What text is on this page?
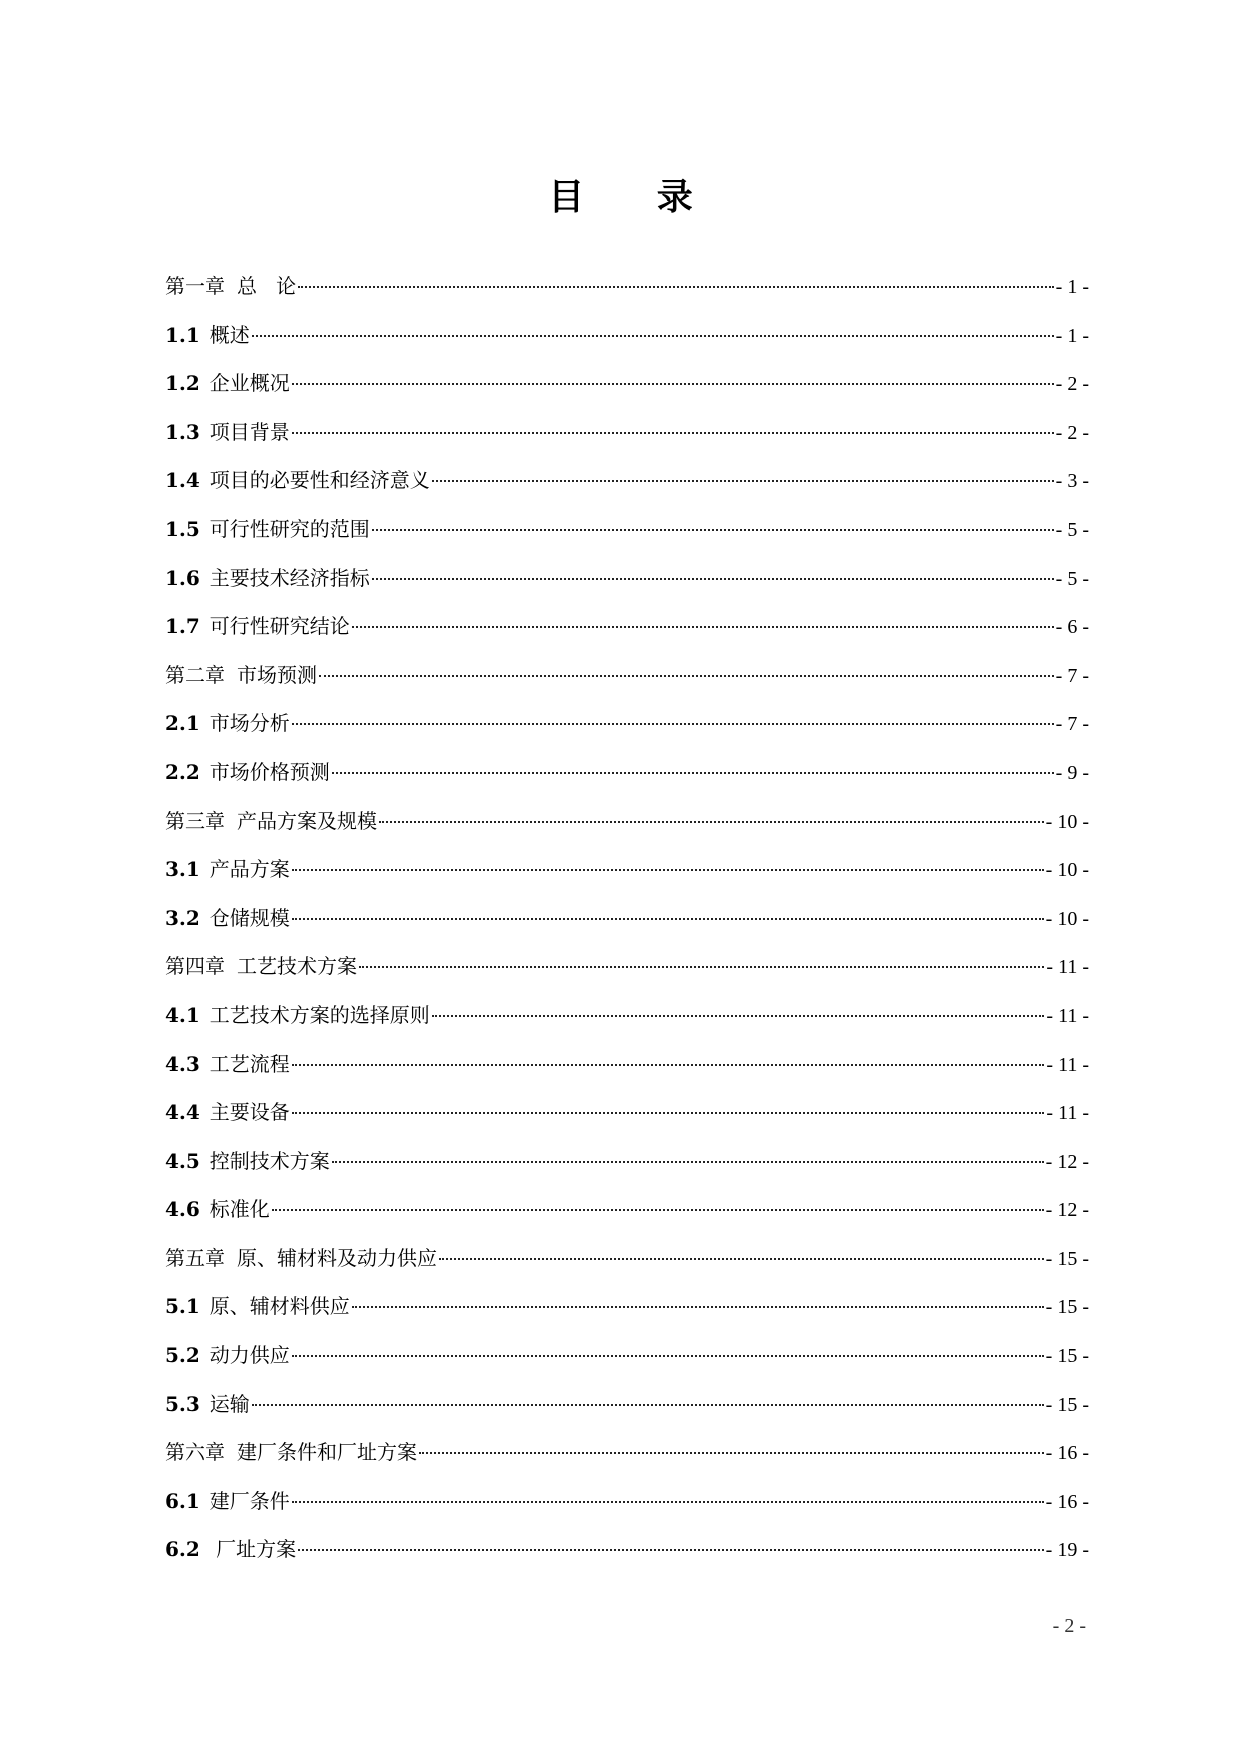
目 录
第一章 总   论	- 1 -
1.1 概述	- 1 -
1.2 企业概况	- 2 -
1.3 项目背景	- 2 -
1.4 项目的必要性和经济意义	- 3 -
1.5 可行性研究的范围	- 5 -
1.6 主要技术经济指标	- 5 -
1.7 可行性研究结论	- 6 -
第二章 市场预测	- 7 -
2.1 市场分析	- 7 -
2.2 市场价格预测	- 9 -
第三章 产品方案及规模	- 10 -
3.1 产品方案	- 10 -
3.2 仓储规模	- 10 -
第四章 工艺技术方案	- 11 -
4.1 工艺技术方案的选择原则	- 11 -
4.3 工艺流程	- 11 -
4.4 主要设备	- 11 -
4.5 控制技术方案	- 12 -
4.6 标准化	- 12 -
第五章 原、辅材料及动力供应	- 15 -
5.1 原、辅材料供应	- 15 -
5.2 动力供应	- 15 -
5.3 运输	- 15 -
第六章 建厂条件和厂址方案	- 16 -
6.1 建厂条件	- 16 -
6.2 厂址方案	- 19 -
- 2 -
